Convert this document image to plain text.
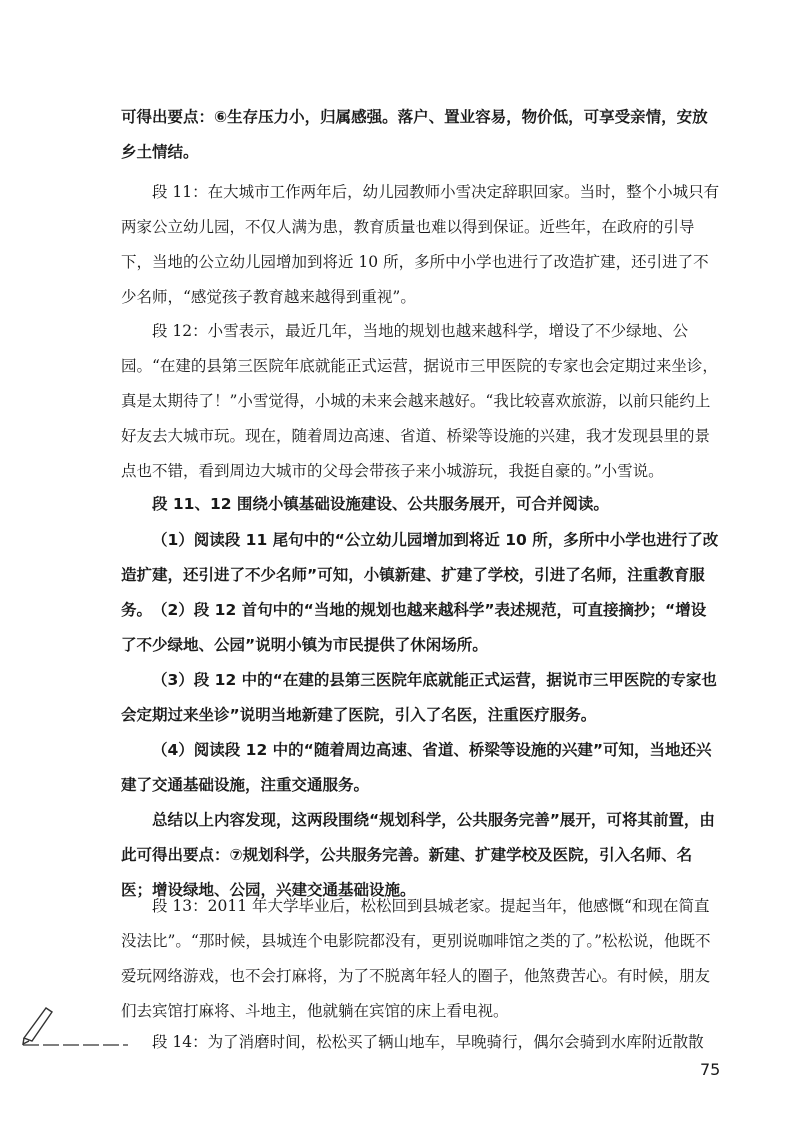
可得出要点：⑥生存压力小，归属感强。落户、置业容易，物价低，可享受亲情，安放乡土情结。

段 11：在大城市工作两年后，幼儿园教师小雪决定辞职回家。当时，整个小城只有两家公立幼儿园，不仅人满为患，教育质量也难以得到保证。近些年，在政府的引导下，当地的公立幼儿园增加到将近 10 所，多所中小学也进行了改造扩建，还引进了不少名师，“感觉孩子教育越来越得到重视”。

段 12：小雪表示，最近几年，当地的规划也越来越科学，增设了不少绿地、公园。“在建的县第三医院年底就能正式运营，据说市三甲医院的专家也会定期过来坐诊，真是太期待了！”小雪觉得，小城的未来会越来越好。“我比较喜欢旅游，以前只能约上好友去大城市玩。现在，随着周边高速、省道、桥梁等设施的兴建，我才发现县里的景点也不错，看到周边大城市的父母会带孩子来小城游玩，我挺自豪的。”小雪说。

段 11、12 围绕小镇基础设施建设、公共服务展开，可合并阅读。

（1）阅读段 11 尾句中的“公立幼儿园增加到将近 10 所，多所中小学也进行了改造扩建，还引进了不少名师”可知，小镇新建、扩建了学校，引进了名师，注重教育服务。 （2）段 12 首句中的“当地的规划也越来越科学”表述规范，可直接摘抄；“增设了不少绿地、公园”说明小镇为市民提供了休闲场所。

（3）段 12 中的“在建的县第三医院年底就能正式运营，据说市三甲医院的专家也会定期过来坐诊”说明当地新建了医院，引入了名医，注重医疗服务。

（4）阅读段 12 中的“随着周边高速、省道、桥梁等设施的兴建”可知，当地还兴建了交通基础设施，注重交通服务。

总结以上内容发现，这两段围绕“规划科学，公共服务完善”展开，可将其前置，由此可得出要点：⑦规划科学，公共服务完善。新建、扩建学校及医院，引入名师、名医；增设绿地、公园，兴建交通基础设施。

段 13：2011 年大学毕业后，松松回到县城老家。提起当年，他感慨“和现在简直没法比”。“那时候，县城连个电影院都没有，更别说咖啡馆之类的了。”松松说，他既不爱玩网络游戏，也不会打麻将，为了不脱离年轻人的圈子，他煞费苦心。有时候，朋友们去宾馆打麻将、斗地主，他就躺在宾馆的床上看电视。

段 14：为了消磨时间，松松买了辆山地车，早晚骑行，偶尔会骑到水库附近散散

75
